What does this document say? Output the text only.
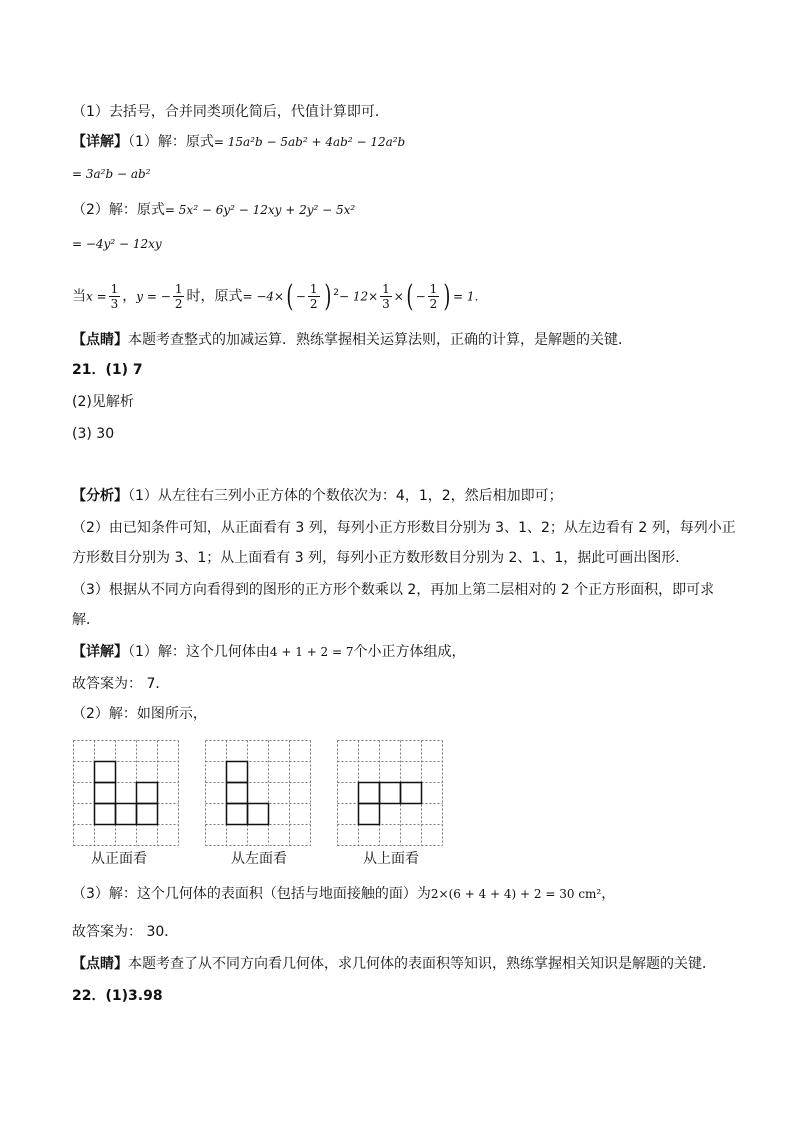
（1）去括号，合并同类项化简后，代值计算即可．
【详解】（1）解：原式= 15a²b − 5ab² + 4ab² − 12a²b
= 3a²b − ab²
（2）解：原式= 5x² − 6y² − 12xy + 2y² − 5x²
= −4y² − 12xy
当$x = \frac{1}{3}$ ，y = − $\frac{1}{2}$ 时，原式= $-4\times( - \frac{1}{2}$ ) $^2- 12\times \frac{1}{3}$ ×( − $\frac{1}{2}$ ) = 1．
【点睛】本题考查整式的加减运算．熟练掌握相关运算法则，正确的计算，是解题的关键．
21．(1) 7
(2)见解析
(3) 30
【分析】（1）从左往右三列小正方体的个数依次为：4，1，2，然后相加即可；
（2）由已知条件可知，从正面看有 3 列，每列小正方形数目分别为 3、1、2；从左边看有 2 列，每列小正
方形数目分别为 3、1；从上面看有 3 列，每列小正方数形数目分别为 2、1、1，据此可画出图形．
（3）根据从不同方向看得到的图形的正方形个数乘以 2，再加上第二层相对的 2 个正方形面积，即可求
解．
【详解】（1）解：这个几何体由4 + 1 + 2 = 7个小正方体组成，
故答案为： 7．
（2）解：如图所示，
从正面看	从左面看	从上面看
（3）解：这个几何体的表面积（包括与地面接触的面）为2×(6 + 4 + 4) + 2 = 30 cm²，
故答案为： 30．
【点睛】本题考查了从不同方向看几何体，求几何体的表面积等知识，熟练掌握相关知识是解题的关键．
22．(1)3.98
